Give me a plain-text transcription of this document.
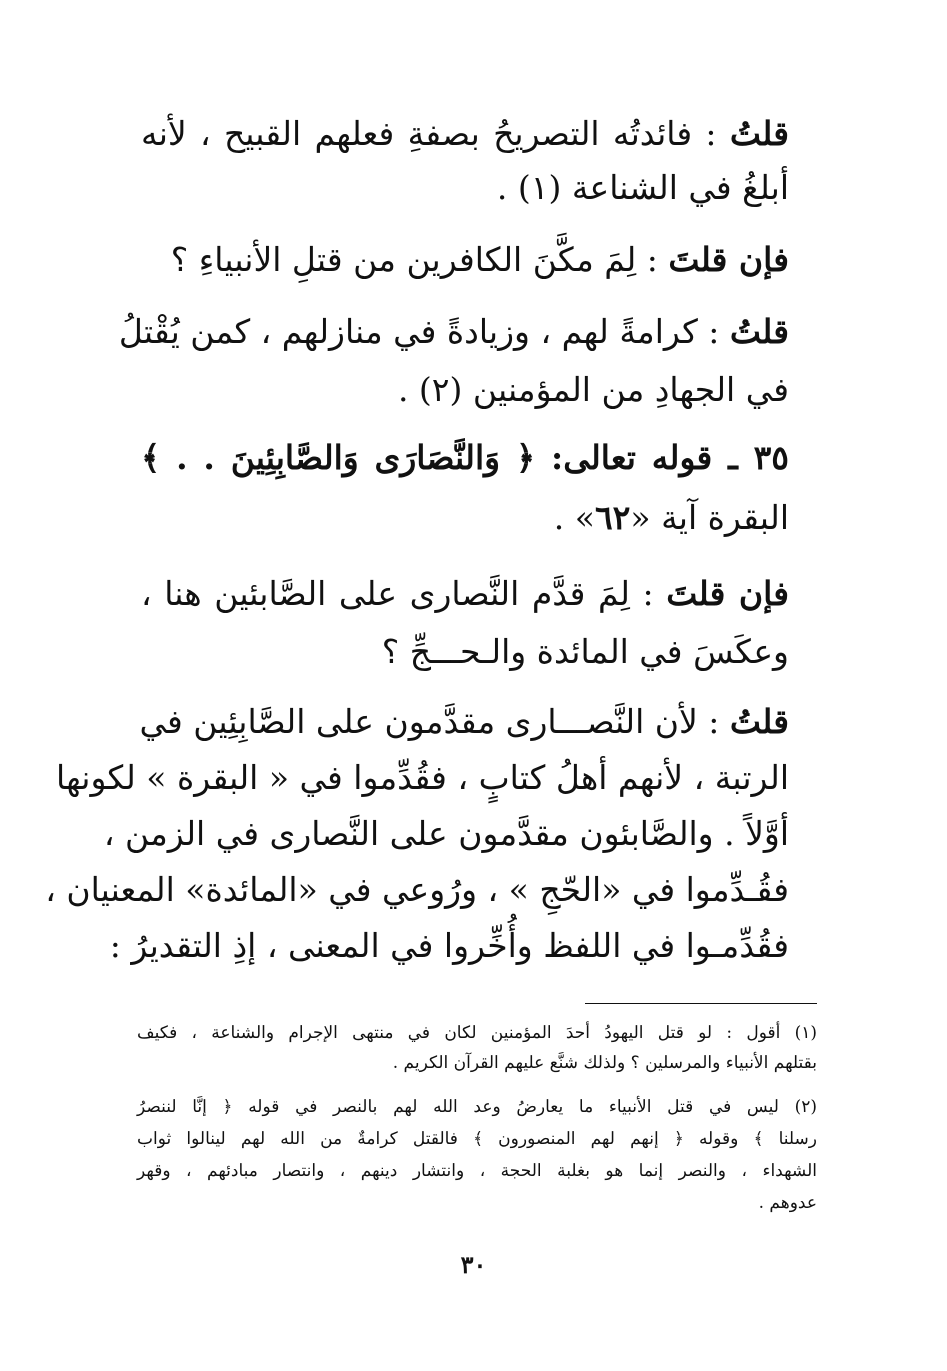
قلتُ : فائدتُه التصريحُ بصفةِ فعلهم القبيح ، لأنه
أبلغُ في الشناعة (١) .
فإن قلتَ : لِمَ مكَّنَ الكافرين من قتلِ الأنبياءِ ؟
قلتُ : كرامةً لهم ، وزيادةً في منازلهم ، كمن يُقْتلُ
في الجهادِ من المؤمنين (٢) .
٣٥ ـ قوله تعالى: ﴿ وَالنَّصَارَى وَالصَّابِئِينَ . . ﴾
البقرة آية «٦٢» .
فإن قلتَ : لِمَ قدَّم النَّصارى على الصَّابئين هنا ،
وعكَسَ في المائدة والـحـــجِّ ؟
قلتُ : لأن النَّصـــارى مقدَّمون على الصَّابِئِين في
الرتبة ، لأنهم أهلُ كتابٍ ، فقُدِّموا في « البقرة » لكونها
أوَّلاً . والصَّابئون مقدَّمون على النَّصارى في الزمن ،
فقُـدِّموا في «الحّجِ » ، ورُوعي في «المائدة» المعنيان ،
فقُدِّمـوا في اللفظ وأُخِّروا في المعنى ، إذِ التقديرُ :
(١) أقول : لو قتل اليهودُ أحدَ المؤمنين لكان في منتهى الإجرام والشناعة ، فكيف
بقتلهم الأنبياء والمرسلين ؟ ولذلك شنَّع عليهم القرآن الكريم .
(٢) ليس في قتل الأنبياء ما يعارضُ وعد الله لهم بالنصر في قوله ﴿ إنَّا لننصرُ
رسلنا ﴾ وقوله ﴿ إنهم لهم المنصورون ﴾ فالقتل كرامةٌ من الله لهم لينالوا ثواب
الشهداء ، والنصر إنما هو بغلبة الحجة ، وانتشار دينهم ، وانتصار مبادئهم ، وقهر
عدوهم .
٣٠
